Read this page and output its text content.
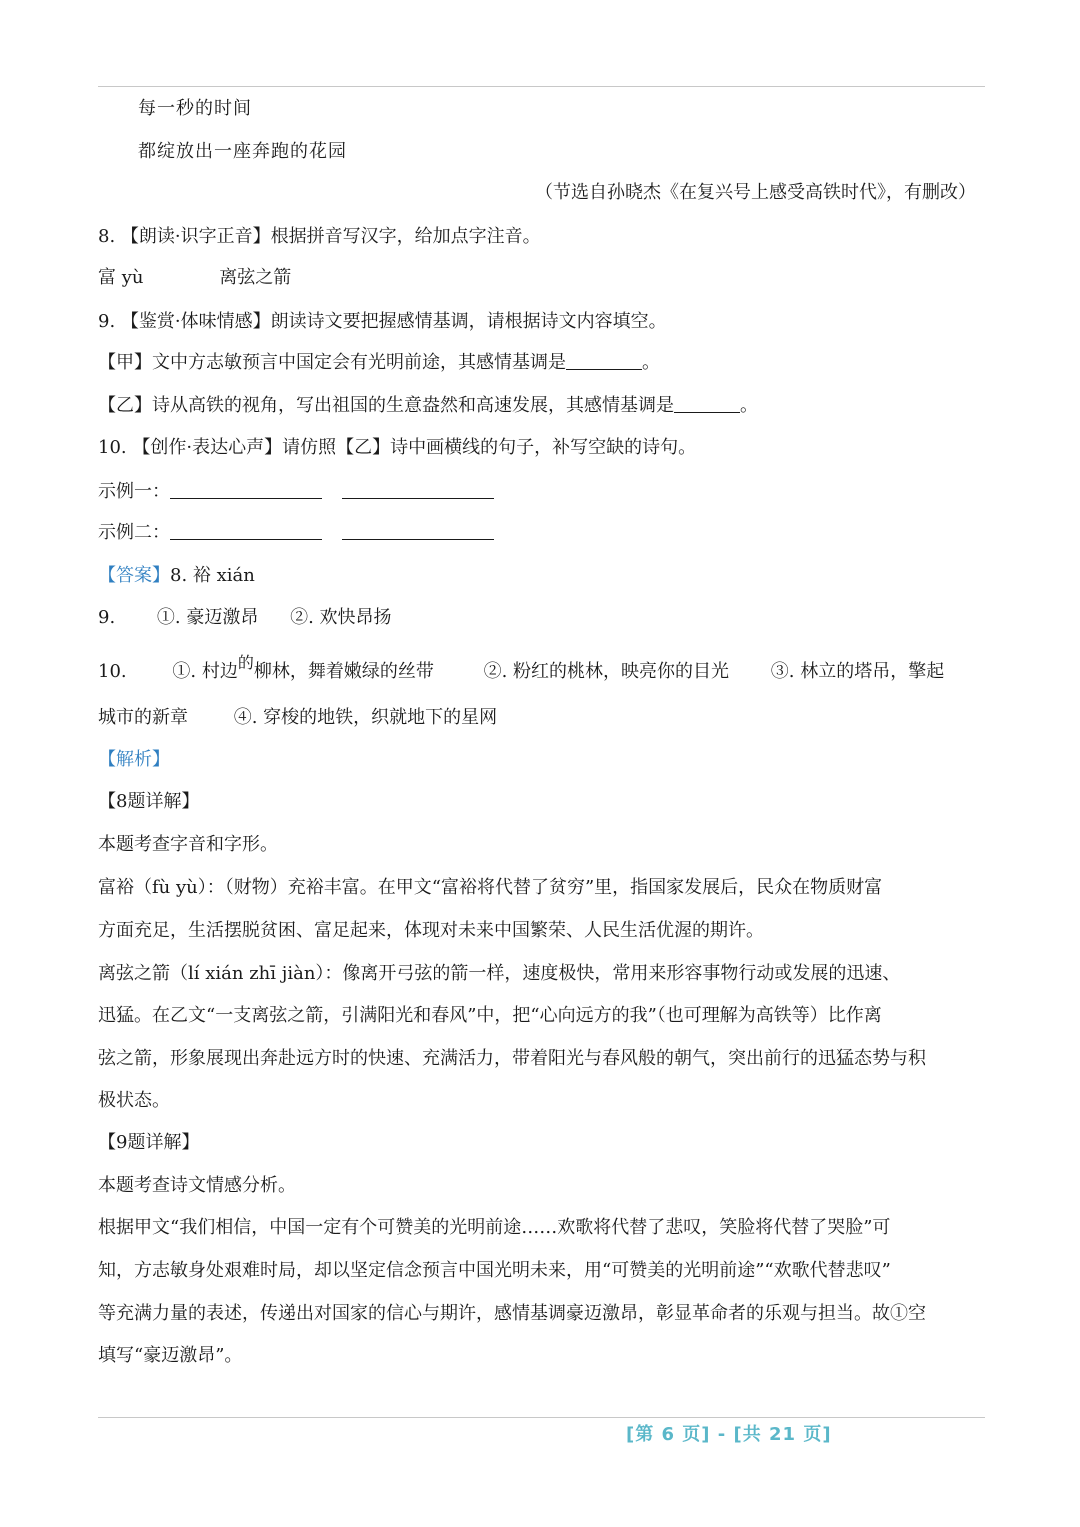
每一秒的时间
都绽放出一座奔跑的花园
（节选自孙晓杰《在复兴号上感受高铁时代》，有删改）
8. 【朗读·识字正音】根据拼音写汉字，给加点字注音。
富 yù	离弦之箭
9. 【鉴赏·体味情感】朗读诗文要把握感情基调，请根据诗文内容填空。
【甲】文中方志敏预言中国定会有光明前途，其感情基调是	。
【乙】诗从高铁的视角，写出祖国的生意盎然和高速发展，其感情基调是	。
10. 【创作·表达心声】请仿照【乙】诗中画横线的句子，补写空缺的诗句。
示例一：
示例二：
【答案】8. 裕 xián
9. ①. 豪迈激昂 ②. 欢快昂扬
10.	①. 村边的柳林，舞着嫩绿的丝带	②. 粉红的桃林，映亮你的目光 ③. 林立的塔吊，擎起
城市的新章	④. 穿梭的地铁，织就地下的星网
【解析】
【8题详解】
本题考查字音和字形。
富裕（fù yù）：（财物）充裕丰富。在甲文“富裕将代替了贫穷”里，指国家发展后，民众在物质财富
方面充足，生活摆脱贫困、富足起来，体现对未来中国繁荣、人民生活优渥的期许。
离弦之箭（lí xián zhī jiàn）：像离开弓弦的箭一样，速度极快，常用来形容事物行动或发展的迅速、
迅猛。在乙文“一支离弦之箭，引满阳光和春风”中，把“心向远方的我”（也可理解为高铁等）比作离
弦之箭，形象展现出奔赴远方时的快速、充满活力，带着阳光与春风般的朝气，突出前行的迅猛态势与积
极状态。
【9题详解】
本题考查诗文情感分析。
根据甲文“我们相信，中国一定有个可赞美的光明前途……欢歌将代替了悲叹，笑脸将代替了哭脸”可
知，方志敏身处艰难时局，却以坚定信念预言中国光明未来，用“可赞美的光明前途”“欢歌代替悲叹”
等充满力量的表述，传递出对国家的信心与期许，感情基调豪迈激昂，彰显革命者的乐观与担当。故①空
填写“豪迈激昂”。
[第 6 页] - [共 21 页]
